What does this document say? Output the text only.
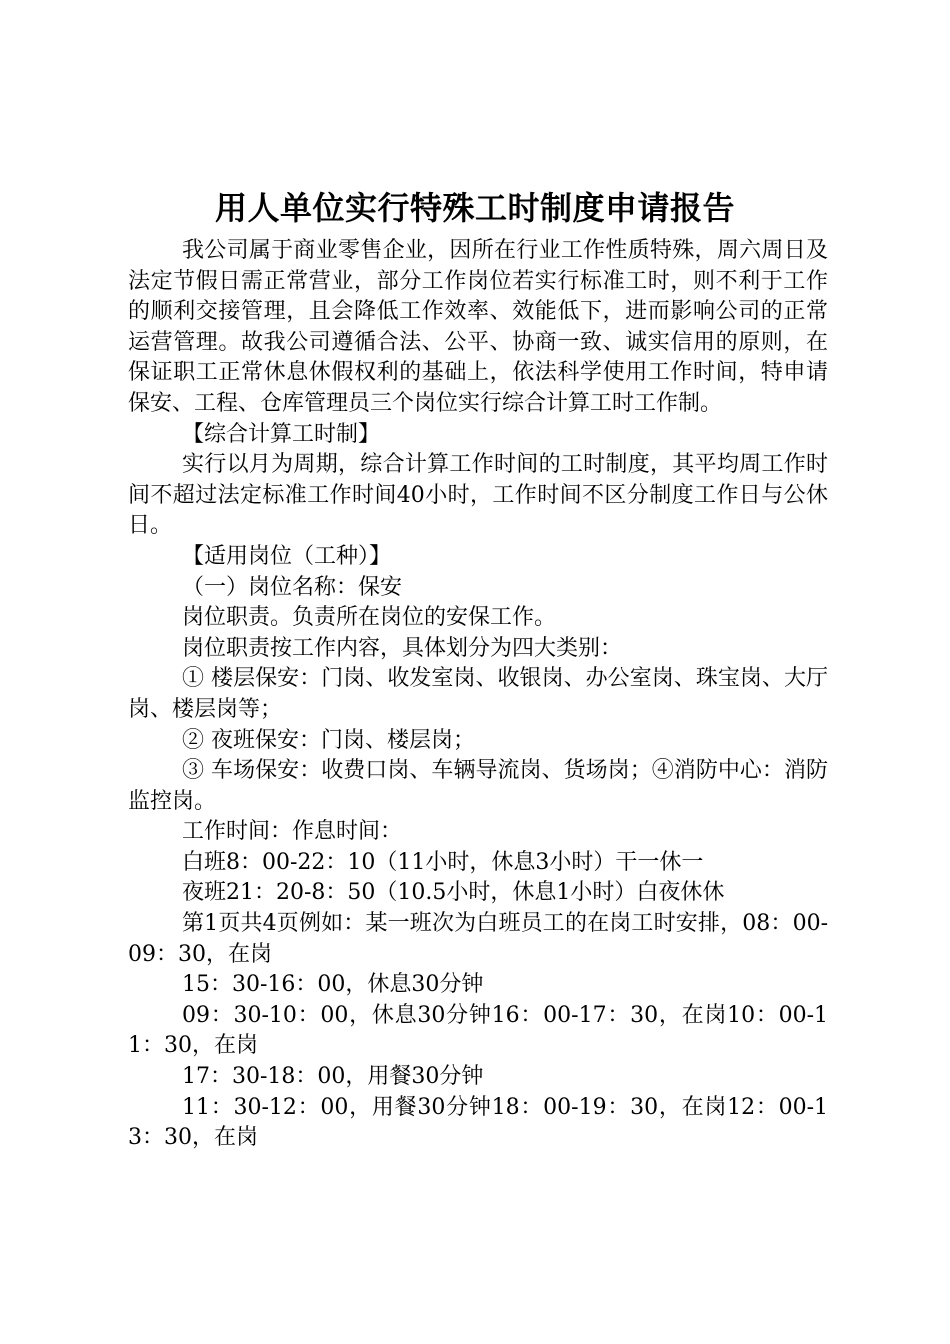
用人单位实行特殊工时制度申请报告

我公司属于商业零售企业，因所在行业工作性质特殊，周六周日及法定节假日需正常营业，部分工作岗位若实行标准工时，则不利于工作的顺利交接管理，且会降低工作效率、效能低下，进而影响公司的正常运营管理。故我公司遵循合法、公平、协商一致、诚实信用的原则，在保证职工正常休息休假权利的基础上，依法科学使用工作时间，特申请保安、工程、仓库管理员三个岗位实行综合计算工时工作制。

【综合计算工时制】

实行以月为周期，综合计算工作时间的工时制度，其平均周工作时间不超过法定标准工作时间40小时，工作时间不区分制度工作日与公休日。

【适用岗位（工种）】

（一）岗位名称：保安

岗位职责。负责所在岗位的安保工作。

岗位职责按工作内容，具体划分为四大类别：

① 楼层保安：门岗、收发室岗、收银岗、办公室岗、珠宝岗、大厅岗、楼层岗等；

② 夜班保安：门岗、楼层岗；

③ 车场保安：收费口岗、车辆导流岗、货场岗；④消防中心：消防监控岗。

工作时间：作息时间：

白班8：00-22：10（11小时，休息3小时）干一休一

夜班21：20-8：50（10.5小时，休息1小时）白夜休休

第1页共4页例如：某一班次为白班员工的在岗工时安排，08：00-09：30，在岗

15：30-16：00，休息30分钟

09：30-10：00，休息30分钟16：00-17：30，在岗10：00-11：30，在岗

17：30-18：00，用餐30分钟

11：30-12：00，用餐30分钟18：00-19：30，在岗12：00-13：30，在岗
